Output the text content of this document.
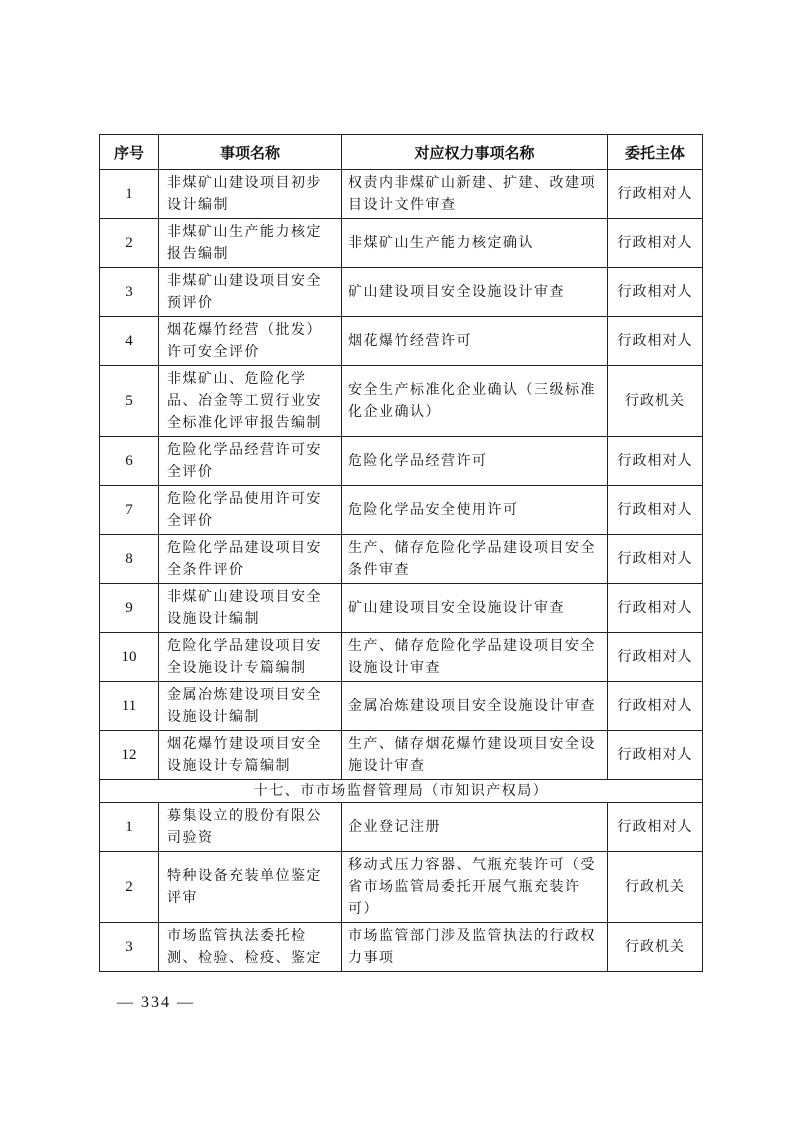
序号	事项名称	对应权力事项名称	委托主体
1	非煤矿山建设项目初步设计编制	权责内非煤矿山新建、扩建、改建项目设计文件审查	行政相对人
2	非煤矿山生产能力核定报告编制	非煤矿山生产能力核定确认	行政相对人
3	非煤矿山建设项目安全预评价	矿山建设项目安全设施设计审查	行政相对人
4	烟花爆竹经营（批发）许可安全评价	烟花爆竹经营许可	行政相对人
5	非煤矿山、危险化学品、冶金等工贸行业安全标准化评审报告编制	安全生产标准化企业确认（三级标准化企业确认）	行政机关
6	危险化学品经营许可安全评价	危险化学品经营许可	行政相对人
7	危险化学品使用许可安全评价	危险化学品安全使用许可	行政相对人
8	危险化学品建设项目安全条件评价	生产、储存危险化学品建设项目安全条件审查	行政相对人
9	非煤矿山建设项目安全设施设计编制	矿山建设项目安全设施设计审查	行政相对人
10	危险化学品建设项目安全设施设计专篇编制	生产、储存危险化学品建设项目安全设施设计审查	行政相对人
11	金属冶炼建设项目安全设施设计编制	金属冶炼建设项目安全设施设计审查	行政相对人
12	烟花爆竹建设项目安全设施设计专篇编制	生产、储存烟花爆竹建设项目安全设施设计审查	行政相对人
十七、市市场监督管理局（市知识产权局）			
1	募集设立的股份有限公司验资	企业登记注册	行政相对人
2	特种设备充装单位鉴定评审	移动式压力容器、气瓶充装许可（受省市场监管局委托开展气瓶充装许可）	行政机关
3	市场监管执法委托检测、检验、检疫、鉴定	市场监管部门涉及监管执法的行政权力事项	行政机关
— 334 —
